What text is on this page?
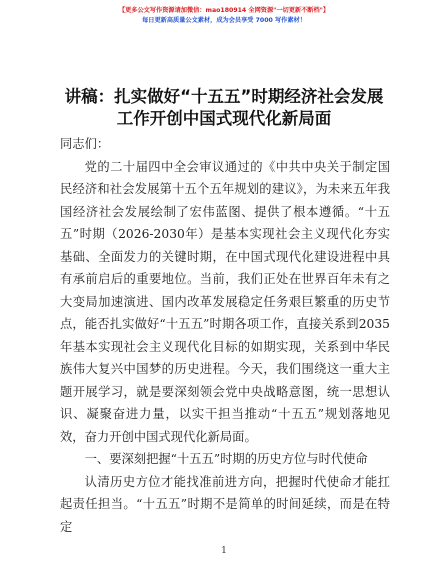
【更多公文写作资源请加微信：mao180914 全网资源"一切更新不断档"】
每日更新高质量公文素材，成为会员享受 7000 写作素材！
讲稿：扎实做好“十五五”时期经济社会发展
工作开创中国式现代化新局面

同志们：

党的二十届四中全会审议通过的《中共中央关于制定国民经济和社会发展第十五个五年规划的建议》，为未来五年我国经济社会发展绘制了宏伟蓝图、提供了根本遵循。“十五五”时期（2026-2030年）是基本实现社会主义现代化夯实基础、全面发力的关键时期，在中国式现代化建设进程中具有承前启后的重要地位。当前，我们正处在世界百年未有之大变局加速演进、国内改革发展稳定任务艰巨繁重的历史节点，能否扎实做好“十五五”时期各项工作，直接关系到2035年基本实现社会主义现代化目标的如期实现，关系到中华民族伟大复兴中国梦的历史进程。今天，我们围绕这一重大主题开展学习，就是要深刻领会党中央战略意图，统一思想认识、凝聚奋进力量，以实干担当推动“十五五”规划落地见效，奋力开创中国式现代化新局面。

一、要深刻把握“十五五”时期的历史方位与时代使命

认清历史方位才能找准前进方向，把握时代使命才能扛起责任担当。“十五五”时期不是简单的时间延续，而是在特定

1
